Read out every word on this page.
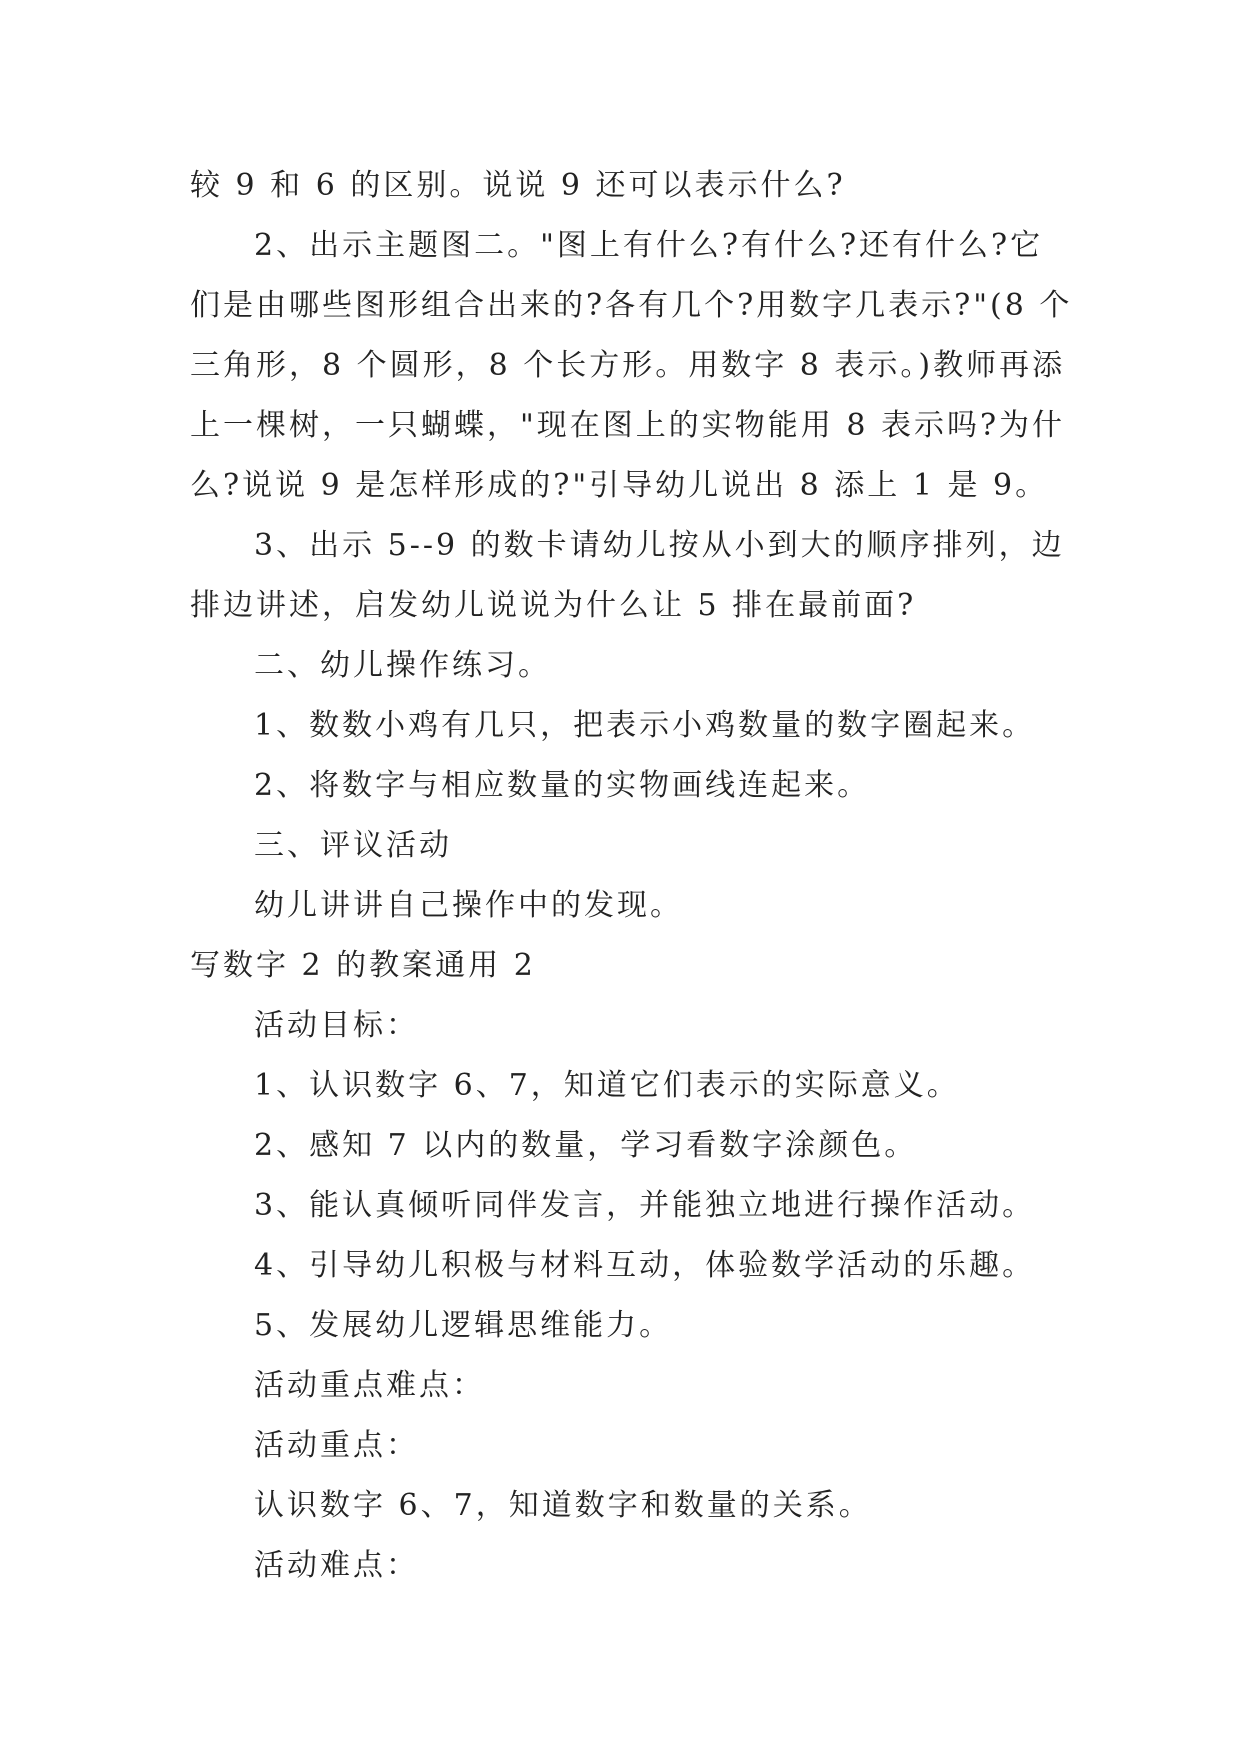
较 9 和 6 的区别。说说 9 还可以表示什么?
2、出示主题图二。"图上有什么?有什么?还有什么?它
们是由哪些图形组合出来的?各有几个?用数字几表示?"(8 个
三角形，8 个圆形，8 个长方形。用数字 8 表示。)教师再添
上一棵树，一只蝴蝶，"现在图上的实物能用 8 表示吗?为什
么?说说 9 是怎样形成的?"引导幼儿说出 8 添上 1 是 9。
3、出示 5--9 的数卡请幼儿按从小到大的顺序排列，边
排边讲述，启发幼儿说说为什么让 5 排在最前面?
二、幼儿操作练习。
1、数数小鸡有几只，把表示小鸡数量的数字圈起来。
2、将数字与相应数量的实物画线连起来。
三、评议活动
幼儿讲讲自己操作中的发现。
写数字 2 的教案通用 2
活动目标：
1、认识数字 6、7，知道它们表示的实际意义。
2、感知 7 以内的数量，学习看数字涂颜色。
3、能认真倾听同伴发言，并能独立地进行操作活动。
4、引导幼儿积极与材料互动，体验数学活动的乐趣。
5、发展幼儿逻辑思维能力。
活动重点难点：
活动重点：
认识数字 6、7，知道数字和数量的关系。
活动难点：
